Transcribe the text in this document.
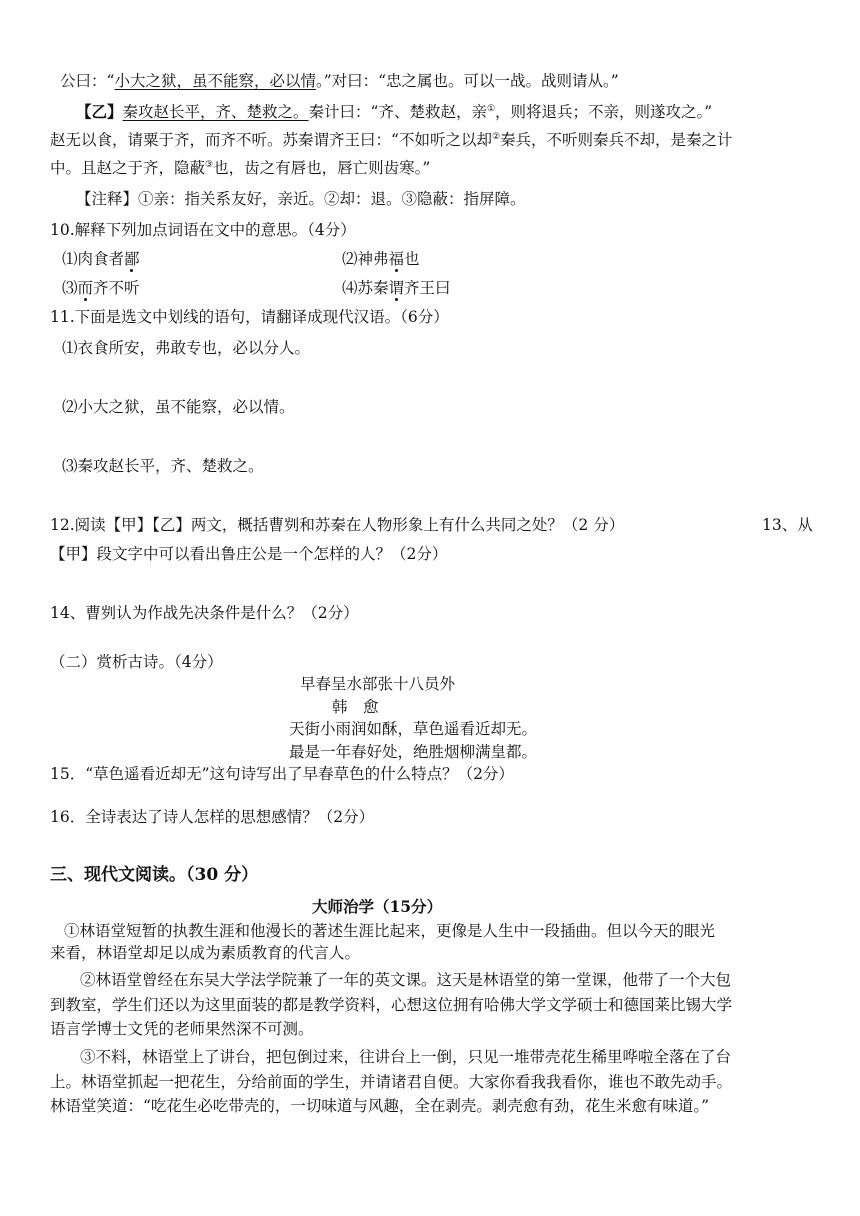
公曰：“小大之狱，虽不能察，必以情。”对曰：“忠之属也。可以一战。战则请从。”
【乙】秦攻赵长平，齐、楚救之。秦计曰：“齐、楚救赵，亲①，则将退兵；不亲，则遂攻之。”
赵无以食，请粟于齐，而齐不听。苏秦谓齐王曰：“不如听之以却②秦兵，不听则秦兵不却，是秦之计
中。且赵之于齐，隐蔽③也，齿之有唇也，唇亡则齿寒。”
【注释】①亲：指关系友好，亲近。②却：退。③隐蔽：指屏障。
10.解释下列加点词语在文中的意思。（4分）
⑴肉食者鄙	⑵神弗福也
⑶而齐不听	⑷苏秦谓齐王曰
11.下面是选文中划线的语句，请翻译成现代汉语。（6分）
⑴衣食所安，弗敢专也，必以分人。
⑵小大之狱，虽不能察，必以情。
⑶秦攻赵长平，齐、楚救之。
12.阅读【甲】【乙】两文，概括曹刿和苏秦在人物形象上有什么共同之处？（2 分）	13、从
【甲】段文字中可以看出鲁庄公是一个怎样的人？（2分）
14、曹刿认为作战先决条件是什么？（2分）
（二）赏析古诗。（4分）
早春呈水部张十八员外
韩　愈
天街小雨润如酥，草色遥看近却无。
最是一年春好处，绝胜烟柳满皇都。
15．“草色遥看近却无”这句诗写出了早春草色的什么特点？（2分）
16．全诗表达了诗人怎样的思想感情？（2分）
三、现代文阅读。（30 分）
大师治学（15分）
①林语堂短暂的执教生涯和他漫长的著述生涯比起来，更像是人生中一段插曲。但以今天的眼光
来看，林语堂却足以成为素质教育的代言人。
②林语堂曾经在东吴大学法学院兼了一年的英文课。这天是林语堂的第一堂课，他带了一个大包
到教室，学生们还以为这里面装的都是教学资料，心想这位拥有哈佛大学文学硕士和德国莱比锡大学
语言学博士文凭的老师果然深不可测。
③不料，林语堂上了讲台，把包倒过来，往讲台上一倒，只见一堆带壳花生稀里哗啦全落在了台
上。林语堂抓起一把花生，分给前面的学生，并请诸君自便。大家你看我我看你，谁也不敢先动手。
林语堂笑道：“吃花生必吃带壳的，一切味道与风趣，全在剥壳。剥壳愈有劲，花生米愈有味道。”
